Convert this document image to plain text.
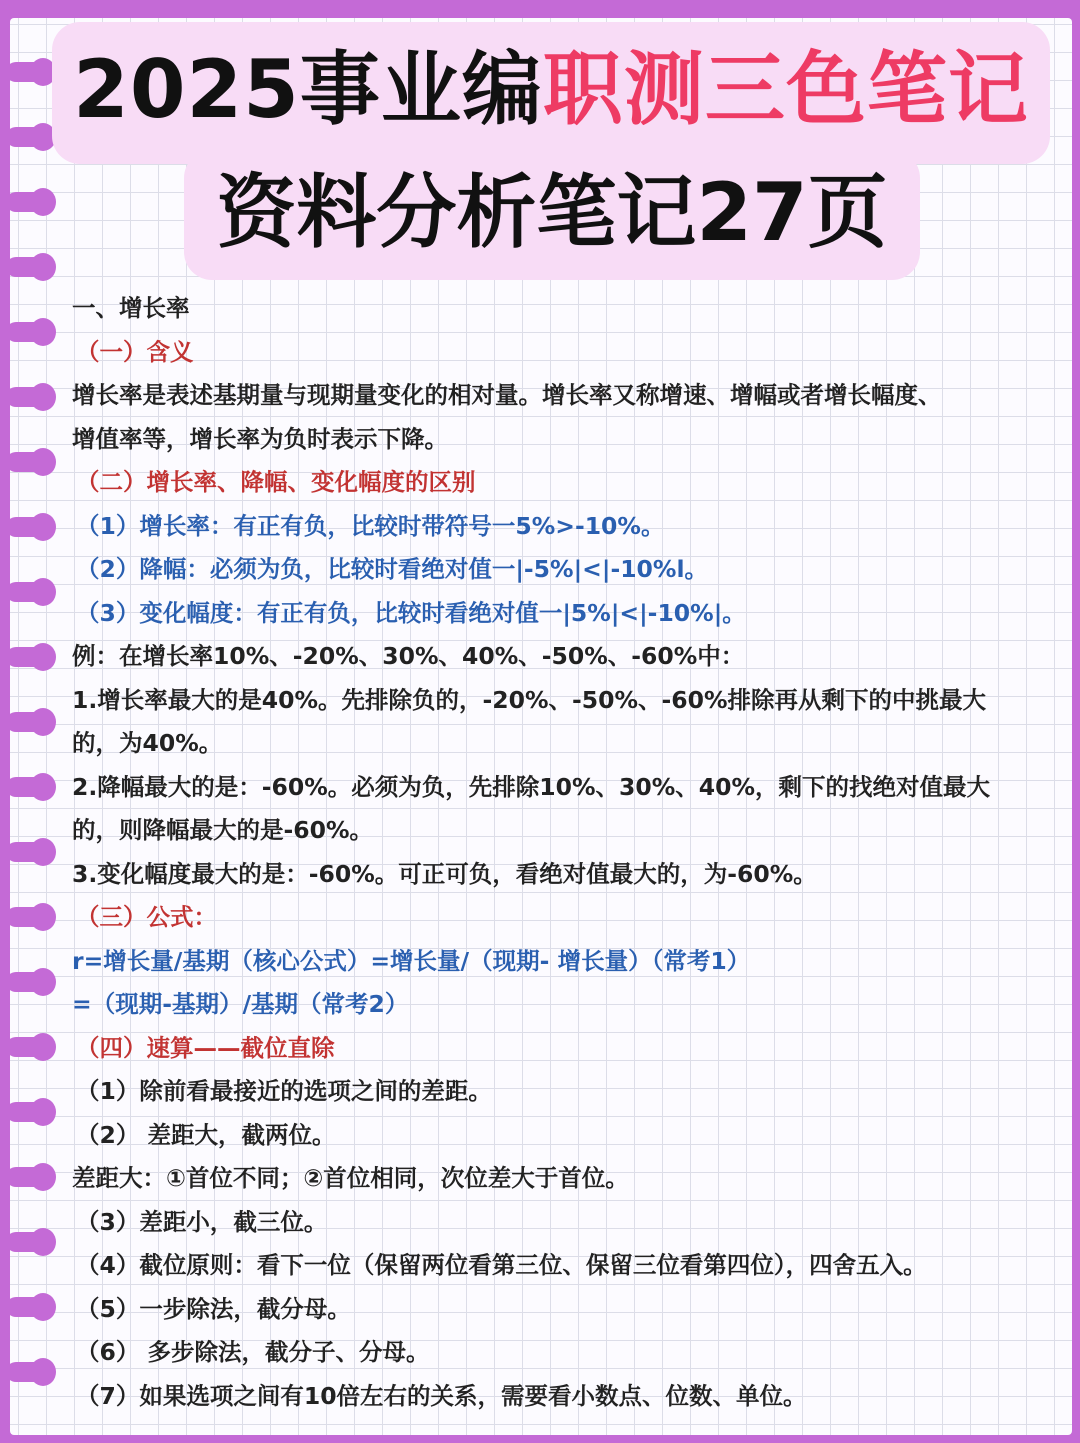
2025事业编职测三色笔记
资料分析笔记27页
一、增长率
（一）含义
增长率是表述基期量与现期量变化的相对量。增长率又称增速、增幅或者增长幅度、
增值率等，增长率为负时表示下降。
（二）增长率、降幅、变化幅度的区别
（1）增长率：有正有负，比较时带符号一5%>-10%。
（2）降幅：必须为负，比较时看绝对值一|-5%|<|-10%l。
（3）变化幅度：有正有负，比较时看绝对值一|5%|<|-10%|。
例：在增长率10%、-20%、30%、40%、-50%、-60%中：
1.增长率最大的是40%。先排除负的，-20%、-50%、-60%排除再从剩下的中挑最大
的，为40%。
2.降幅最大的是：-60%。必须为负，先排除10%、30%、40%，剩下的找绝对值最大
的，则降幅最大的是-60%。
3.变化幅度最大的是：-60%。可正可负，看绝对值最大的，为-60%。
（三）公式：
r=增长量/基期（核心公式）=增长量/（现期- 增长量）（常考1）
=（现期-基期）/基期（常考2）
（四）速算——截位直除
（1）除前看最接近的选项之间的差距。
（2） 差距大，截两位。
差距大：①首位不同；②首位相同，次位差大于首位。
（3）差距小，截三位。
（4）截位原则：看下一位（保留两位看第三位、保留三位看第四位），四舍五入。
（5）一步除法，截分母。
（6） 多步除法，截分子、分母。
（7）如果选项之间有10倍左右的关系，需要看小数点、位数、单位。
